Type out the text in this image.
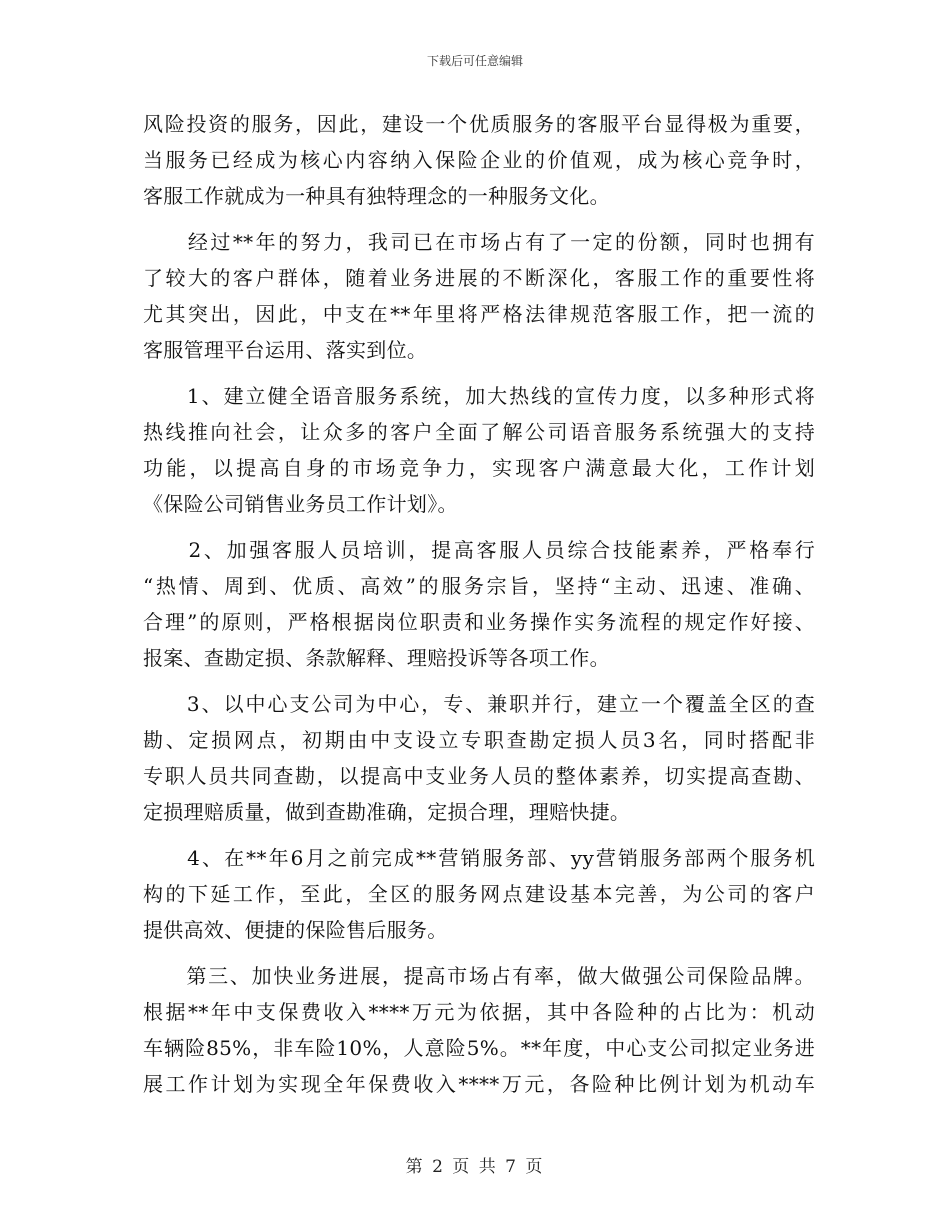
下载后可任意编辑
风险投资的服务，因此，建设一个优质服务的客服平台显得极为重要，
当服务已经成为核心内容纳入保险企业的价值观，成为核心竞争时，
客服工作就成为一种具有独特理念的一种服务文化。
　　经过**年的努力，我司已在市场占有了一定的份额，同时也拥有
了较大的客户群体，随着业务进展的不断深化，客服工作的重要性将
尤其突出，因此，中支在**年里将严格法律规范客服工作，把一流的
客服管理平台运用、落实到位。
　　1、建立健全语音服务系统，加大热线的宣传力度，以多种形式将
热线推向社会，让众多的客户全面了解公司语音服务系统强大的支持
功能，以提高自身的市场竞争力，实现客户满意最大化，工作计划
《保险公司销售业务员工作计划》。
　　2、加强客服人员培训，提高客服人员综合技能素养，严格奉行
“热情、周到、优质、高效”的服务宗旨，坚持“主动、迅速、准确、
合理”的原则，严格根据岗位职责和业务操作实务流程的规定作好接、
报案、查勘定损、条款解释、理赔投诉等各项工作。
　　3、以中心支公司为中心，专、兼职并行，建立一个覆盖全区的查
勘、定损网点，初期由中支设立专职查勘定损人员3名，同时搭配非
专职人员共同查勘，以提高中支业务人员的整体素养，切实提高查勘、
定损理赔质量，做到查勘准确，定损合理，理赔快捷。
　　4、在**年6月之前完成**营销服务部、yy营销服务部两个服务机
构的下延工作，至此，全区的服务网点建设基本完善，为公司的客户
提供高效、便捷的保险售后服务。
　　第三、加快业务进展，提高市场占有率，做大做强公司保险品牌。
根据**年中支保费收入****万元为依据，其中各险种的占比为：机动
车辆险85%，非车险10%，人意险5%。**年度，中心支公司拟定业务进
展工作计划为实现全年保费收入****万元，各险种比例计划为机动车
第 2 页 共 7 页
